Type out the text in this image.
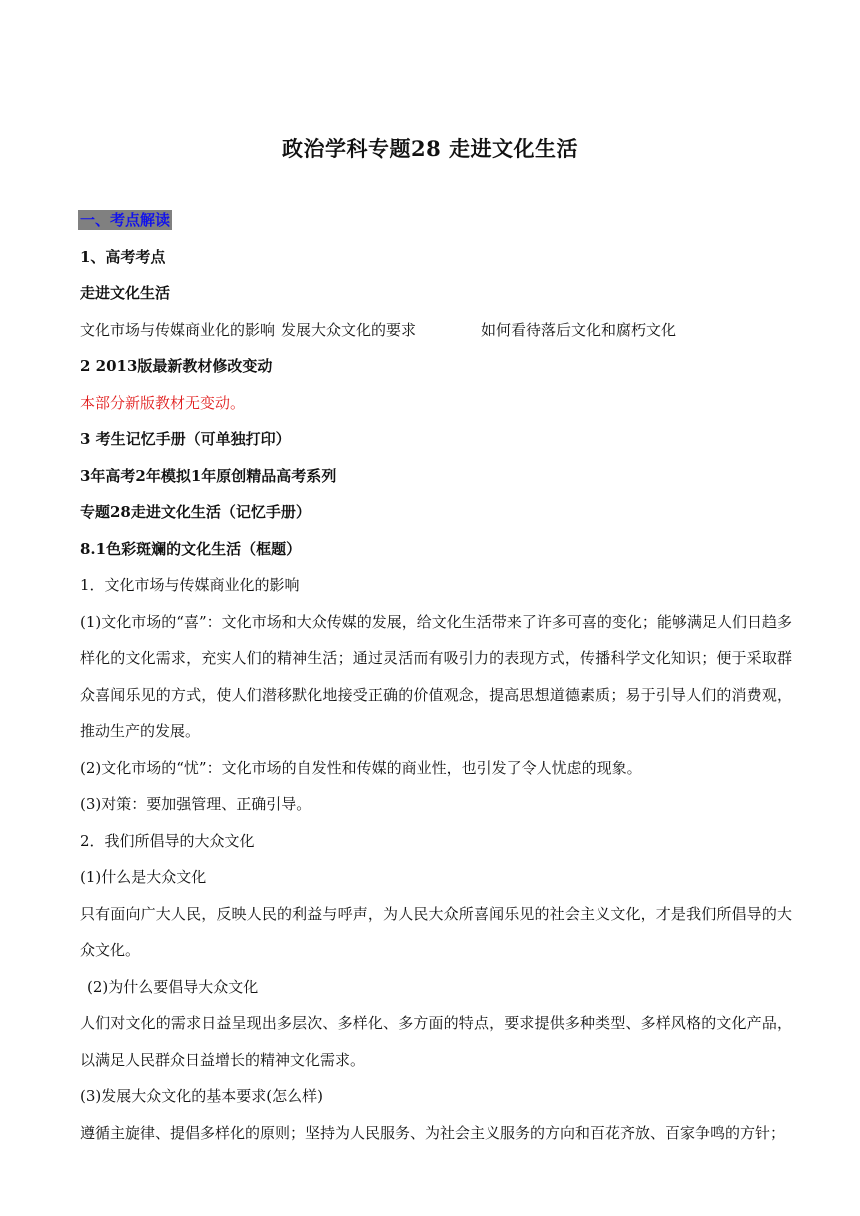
政治学科专题28 走进文化生活
一、考点解读
1、高考考点
走进文化生活
文化市场与传媒商业化的影响 发展大众文化的要求	如何看待落后文化和腐朽文化
2 2013版最新教材修改变动
本部分新版教材无变动。
3 考生记忆手册（可单独打印）
3年高考2年模拟1年原创精品高考系列
专题28走进文化生活（记忆手册）
8.1色彩斑斓的文化生活（框题）
1．文化市场与传媒商业化的影响
(1)文化市场的“喜”：文化市场和大众传媒的发展，给文化生活带来了许多可喜的变化；能够满足人们日趋多样化的文化需求，充实人们的精神生活；通过灵活而有吸引力的表现方式，传播科学文化知识；便于采取群众喜闻乐见的方式，使人们潜移默化地接受正确的价值观念，提高思想道德素质；易于引导人们的消费观，推动生产的发展。
(2)文化市场的“忧”：文化市场的自发性和传媒的商业性，也引发了令人忧虑的现象。
(3)对策：要加强管理、正确引导。
2．我们所倡导的大众文化
(1)什么是大众文化
只有面向广大人民，反映人民的利益与呼声，为人民大众所喜闻乐见的社会主义文化，才是我们所倡导的大众文化。
(2)为什么要倡导大众文化
人们对文化的需求日益呈现出多层次、多样化、多方面的特点，要求提供多种类型、多样风格的文化产品，以满足人民群众日益增长的精神文化需求。
(3)发展大众文化的基本要求(怎么样)
遵循主旋律、提倡多样化的原则；坚持为人民服务、为社会主义服务的方向和百花齐放、百家争鸣的方针；
